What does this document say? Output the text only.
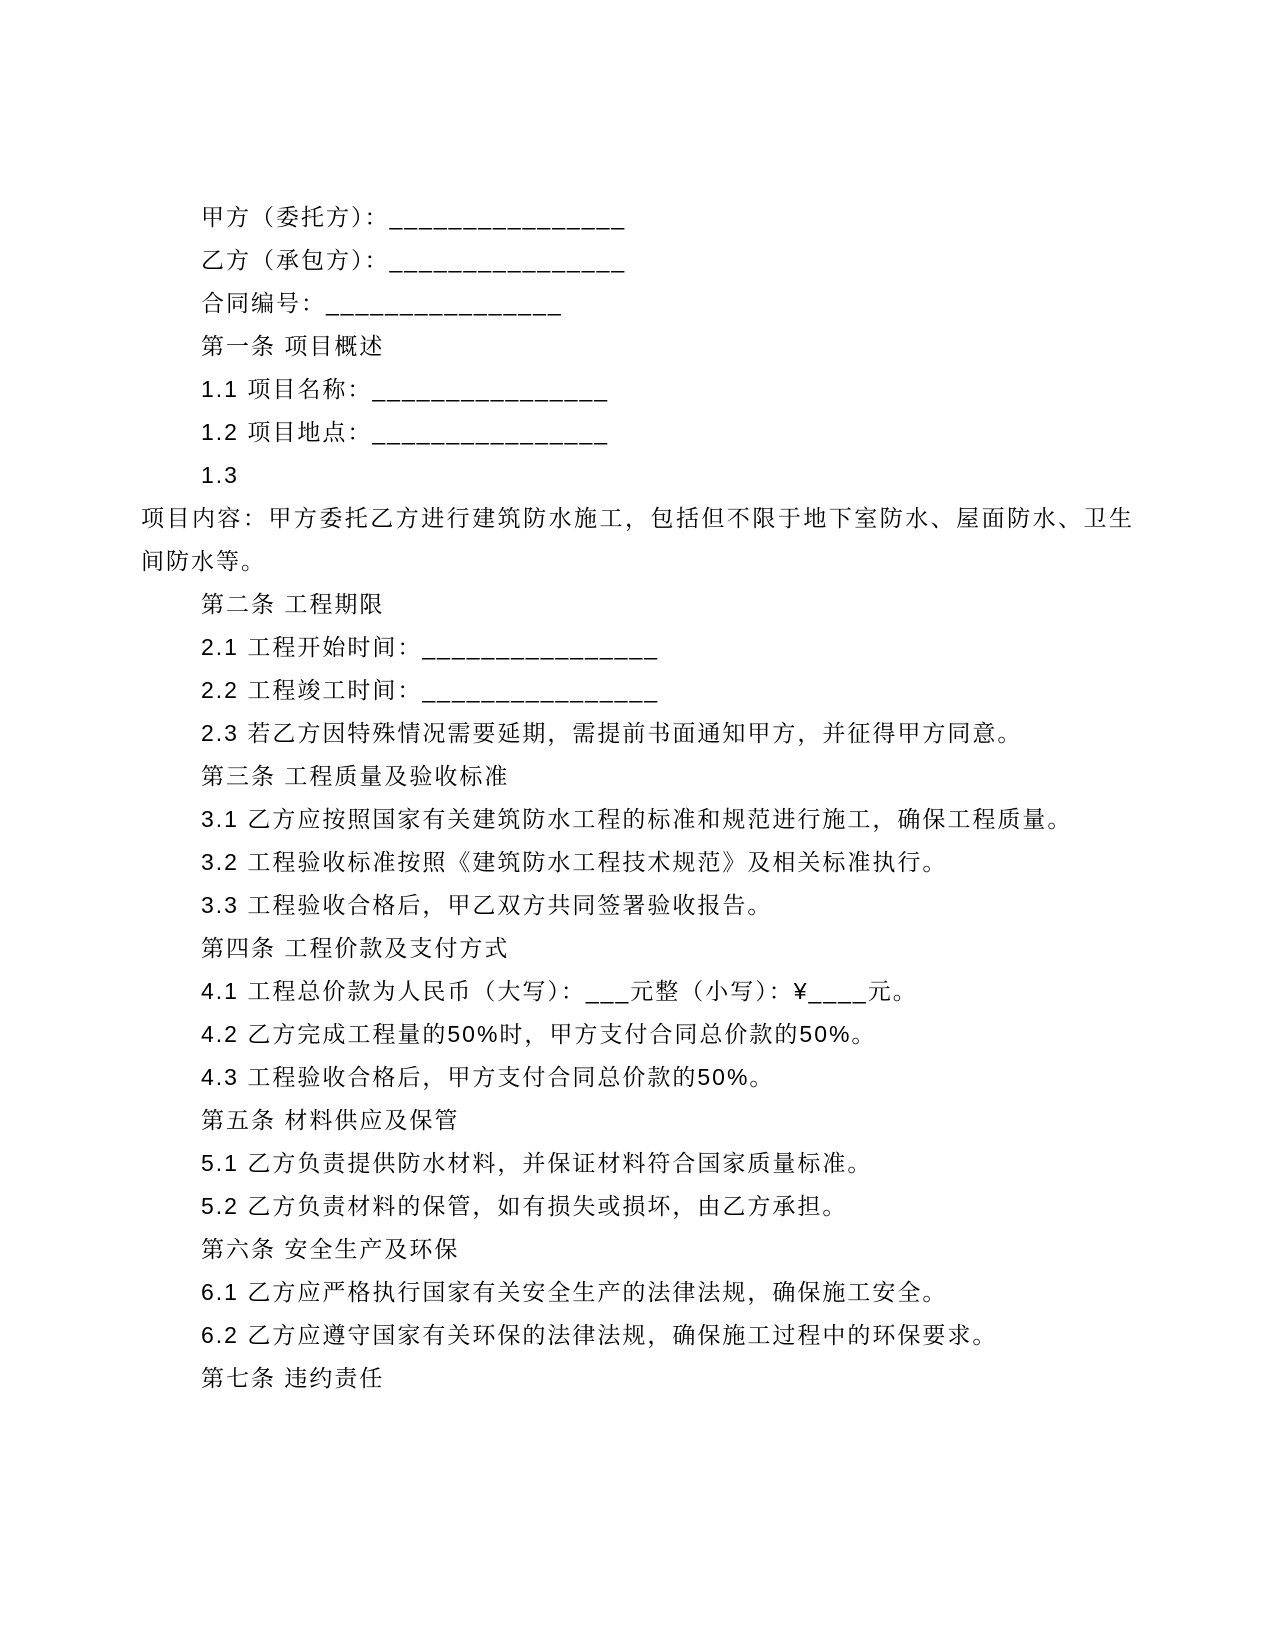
甲方（委托方）：________________

乙方（承包方）：________________

合同编号：________________

第一条 项目概述

1.1 项目名称：________________

1.2 项目地点：________________

1.3

项目内容：甲方委托乙方进行建筑防水施工，包括但不限于地下室防水、屋面防水、卫生间防水等。

第二条 工程期限

2.1 工程开始时间：________________

2.2 工程竣工时间：________________

2.3 若乙方因特殊情况需要延期，需提前书面通知甲方，并征得甲方同意。

第三条 工程质量及验收标准

3.1 乙方应按照国家有关建筑防水工程的标准和规范进行施工，确保工程质量。

3.2 工程验收标准按照《建筑防水工程技术规范》及相关标准执行。

3.3 工程验收合格后，甲乙双方共同签署验收报告。

第四条 工程价款及支付方式

4.1 工程总价款为人民币（大写）：___元整（小写）：¥____元。

4.2 乙方完成工程量的50%时，甲方支付合同总价款的50%。

4.3 工程验收合格后，甲方支付合同总价款的50%。

第五条 材料供应及保管

5.1 乙方负责提供防水材料，并保证材料符合国家质量标准。

5.2 乙方负责材料的保管，如有损失或损坏，由乙方承担。

第六条 安全生产及环保

6.1 乙方应严格执行国家有关安全生产的法律法规，确保施工安全。

6.2 乙方应遵守国家有关环保的法律法规，确保施工过程中的环保要求。

第七条 违约责任
